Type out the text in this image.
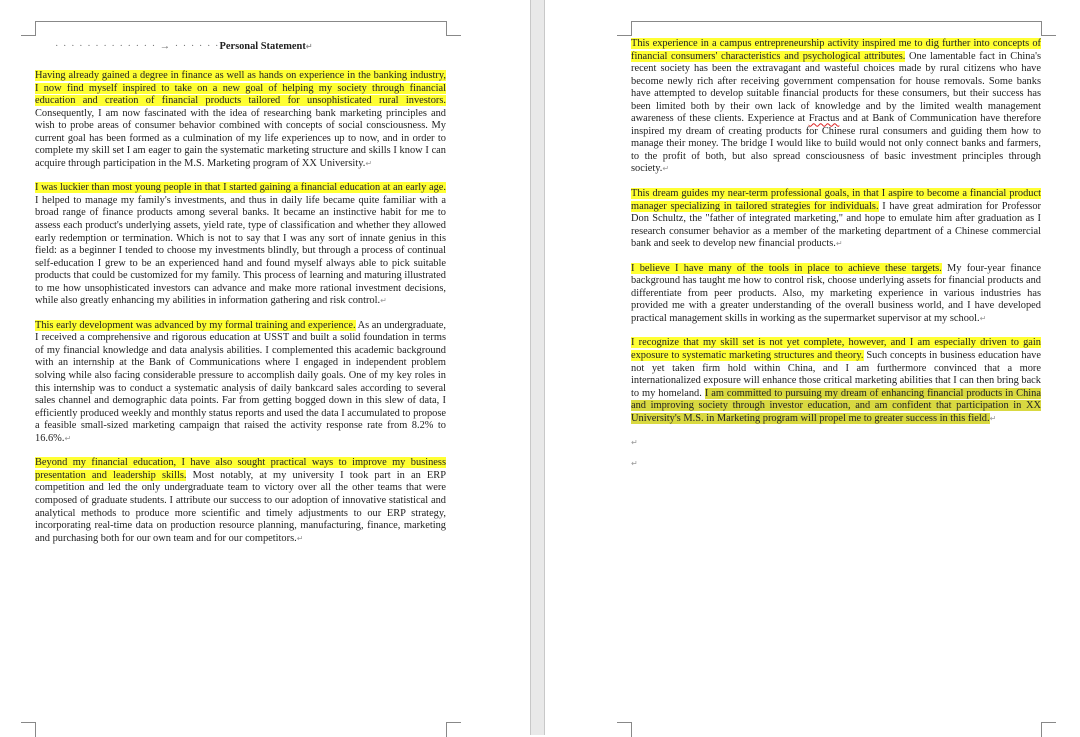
· · · · · · · · · · · · · → · · · · · ·Personal Statement↵

Having already gained a degree in finance as well as hands on experience in the banking industry, I now find myself inspired to take on a new goal of helping my society through financial education and creation of financial products tailored for unsophisticated rural investors. Consequently, I am now fascinated with the idea of researching bank marketing principles and wish to probe areas of consumer behavior combined with concepts of social consciousness. My current goal has been formed as a culmination of my life experiences up to now, and in order to complete my skill set I am eager to gain the systematic marketing structure and skills I know I can acquire through participation in the M.S. Marketing program of XX University.↵

I was luckier than most young people in that I started gaining a financial education at an early age. I helped to manage my family's investments, and thus in daily life became quite familiar with a broad range of finance products among several banks. It became an instinctive habit for me to assess each product's underlying assets, yield rate, type of classification and whether they allowed early redemption or termination. Which is not to say that I was any sort of innate genius in this field: as a beginner I tended to choose my investments blindly, but through a process of continual self-education I grew to be an experienced hand and found myself always able to pick suitable products that could be customized for my family. This process of learning and maturing illustrated to me how unsophisticated investors can advance and make more rational investment decisions, while also greatly enhancing my abilities in information gathering and risk control.↵

This early development was advanced by my formal training and experience. As an undergraduate, I received a comprehensive and rigorous education at USST and built a solid foundation in terms of my financial knowledge and data analysis abilities. I complemented this academic background with an internship at the Bank of Communications where I engaged in independent problem solving while also facing considerable pressure to accomplish daily goals. One of my key roles in this internship was to conduct a systematic analysis of daily bankcard sales according to several sales channel and demographic data points. Far from getting bogged down in this slew of data, I efficiently produced weekly and monthly status reports and used the data I accumulated to propose a feasible small-sized marketing campaign that raised the activity response rate from 8.2% to 16.6%.↵

Beyond my financial education, I have also sought practical ways to improve my business presentation and leadership skills. Most notably, at my university I took part in an ERP competition and led the only undergraduate team to victory over all the other teams that were composed of graduate students. I attribute our success to our adoption of innovative statistical and analytical methods to produce more scientific and timely adjustments to our ERP strategy, incorporating real-time data on production resource planning, manufacturing, finance, marketing and purchasing both for our own team and for our competitors.↵

This experience in a campus entrepreneurship activity inspired me to dig further into concepts of financial consumers' characteristics and psychological attributes. One lamentable fact in China's recent society has been the extravagant and wasteful choices made by rural citizens who have become newly rich after receiving government compensation for house removals. Some banks have attempted to develop suitable financial products for these consumers, but their success has been limited both by their own lack of knowledge and by the limited wealth management awareness of these clients. Experience at Fractus and at Bank of Communication have therefore inspired my dream of creating products for Chinese rural consumers and guiding them how to manage their money. The bridge I would like to build would not only connect banks and farmers, to the profit of both, but also spread consciousness of basic investment principles through society.↵

This dream guides my near-term professional goals, in that I aspire to become a financial product manager specializing in tailored strategies for individuals. I have great admiration for Professor Don Schultz, the "father of integrated marketing," and hope to emulate him after graduation as I research consumer behavior as a member of the marketing department of a Chinese commercial bank and seek to develop new financial products.↵

I believe I have many of the tools in place to achieve these targets. My four-year finance background has taught me how to control risk, choose underlying assets for financial products and differentiate from peer products. Also, my marketing experience in various industries has provided me with a greater understanding of the overall business world, and I have developed practical management skills in working as the supermarket supervisor at my school.↵

I recognize that my skill set is not yet complete, however, and I am especially driven to gain exposure to systematic marketing structures and theory. Such concepts in business education have not yet taken firm hold within China, and I am furthermore convinced that a more internationalized exposure will enhance those critical marketing abilities that I can then bring back to my homeland. I am committed to pursuing my dream of enhancing financial products in China and improving society through investor education, and am confident that participation in XX University's M.S. in Marketing program will propel me to greater success in this field.↵

↵

↵
